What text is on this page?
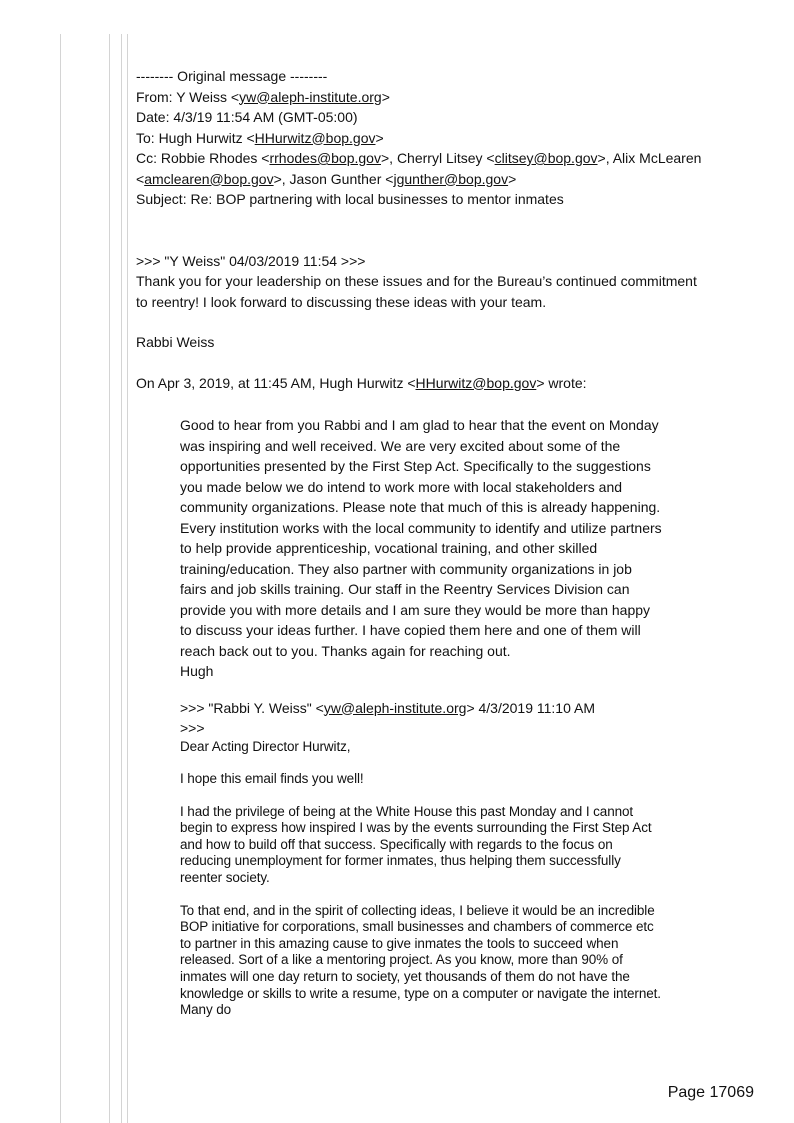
-------- Original message --------
From: Y Weiss <yw@aleph-institute.org>
Date: 4/3/19 11:54 AM (GMT-05:00)
To: Hugh Hurwitz <HHurwitz@bop.gov>
Cc: Robbie Rhodes <rrhodes@bop.gov>, Cherryl Litsey <clitsey@bop.gov>, Alix McLearen <amclearen@bop.gov>, Jason Gunther <jgunther@bop.gov>
Subject: Re: BOP partnering with local businesses to mentor inmates
>>> "Y Weiss" 04/03/2019 11:54 >>>
Thank you for your leadership on these issues and for the Bureau’s continued commitment to reentry! I look forward to discussing these ideas with your team.
Rabbi Weiss
On Apr 3, 2019, at 11:45 AM, Hugh Hurwitz <HHurwitz@bop.gov> wrote:
Good to hear from you Rabbi and I am glad to hear that the event on Monday was inspiring and well received. We are very excited about some of the opportunities presented by the First Step Act. Specifically to the suggestions you made below we do intend to work more with local stakeholders and community organizations. Please note that much of this is already happening. Every institution works with the local community to identify and utilize partners to help provide apprenticeship, vocational training, and other skilled training/education. They also partner with community organizations in job fairs and job skills training. Our staff in the Reentry Services Division can provide you with more details and I am sure they would be more than happy to discuss your ideas further. I have copied them here and one of them will reach back out to you. Thanks again for reaching out.
Hugh
>>> "Rabbi Y. Weiss" <yw@aleph-institute.org> 4/3/2019 11:10 AM
>>>
Dear Acting Director Hurwitz,
I hope this email finds you well!
I had the privilege of being at the White House this past Monday and I cannot begin to express how inspired I was by the events surrounding the First Step Act and how to build off that success. Specifically with regards to the focus on reducing unemployment for former inmates, thus helping them successfully reenter society.
To that end, and in the spirit of collecting ideas, I believe it would be an incredible BOP initiative for corporations, small businesses and chambers of commerce etc to partner in this amazing cause to give inmates the tools to succeed when released. Sort of a like a mentoring project. As you know, more than 90% of inmates will one day return to society, yet thousands of them do not have the knowledge or skills to write a resume, type on a computer or navigate the internet. Many do
Page 17069
